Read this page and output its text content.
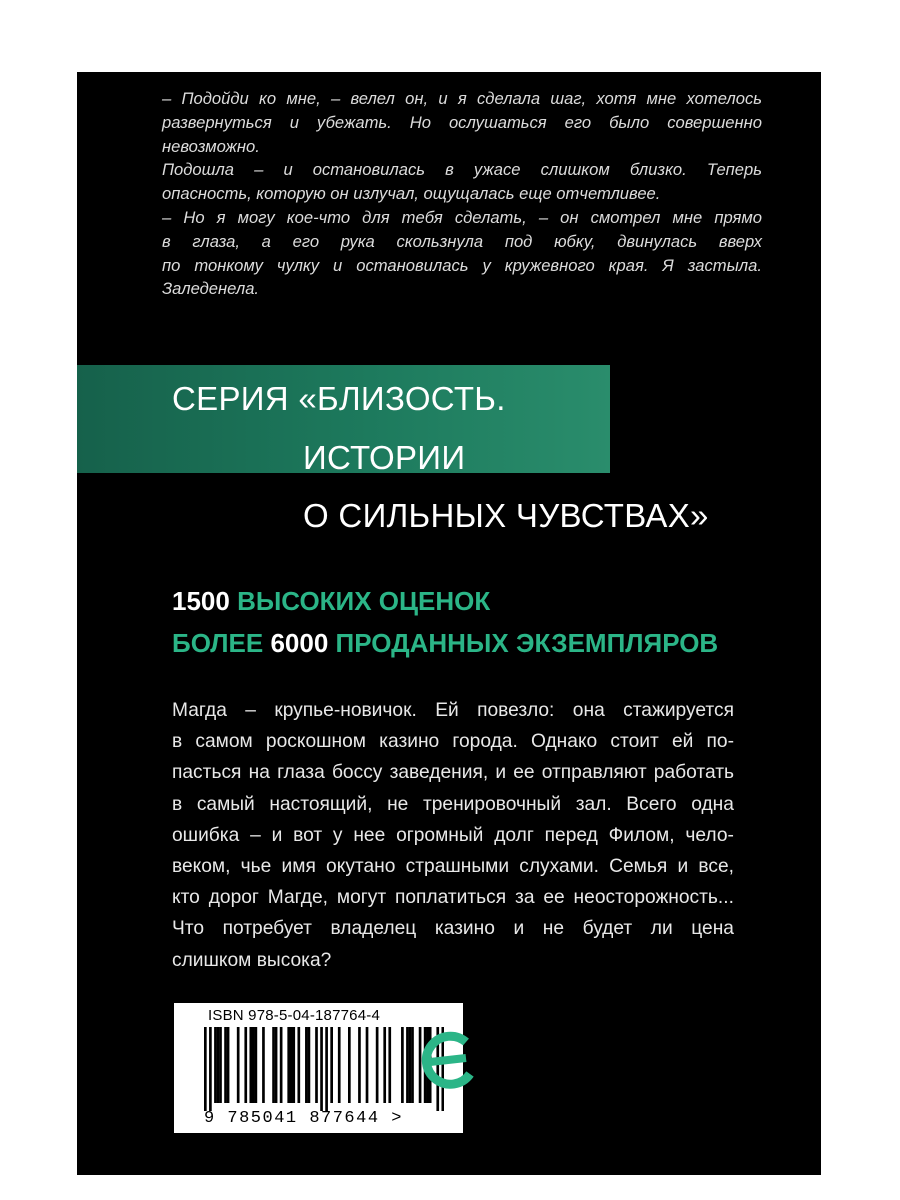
– Подойди ко мне, – велел он, и я сделала шаг, хотя мне хотелось

развернуться и убежать. Но ослушаться его было совершенно

невозможно.

Подошла – и остановилась в ужасе слишком близко. Теперь

опасность, которую он излучал, ощущалась еще отчетливее.

– Но я могу кое-что для тебя сделать, – он смотрел мне прямо

в глаза, а его рука скользнула под юбку, двинулась вверх

по тонкому чулку и остановилась у кружевного края. Я застыла.

Заледенела.

СЕРИЯ «БЛИЗОСТЬ.
ИСТОРИИ
О СИЛЬНЫХ ЧУВСТВАХ»
1500 ВЫСОКИХ ОЦЕНОК
БОЛЕЕ 6000 ПРОДАННЫХ ЭКЗЕМПЛЯРОВ
Магда – крупье-новичок. Ей повезло: она стажируется
в самом роскошном казино города. Однако стоит ей по-
пасться на глаза боссу заведения, и ее отправляют работать
в самый настоящий, не тренировочный зал. Всего одна
ошибка – и вот у нее огромный долг перед Филом, чело-
веком, чье имя окутано страшными слухами. Семья и все,
кто дорог Магде, могут поплатиться за ее неосторожность...
Что потребует владелец казино и не будет ли цена
слишком высока?
ISBN 978-5-04-187764-4
9 785041 877644 >
